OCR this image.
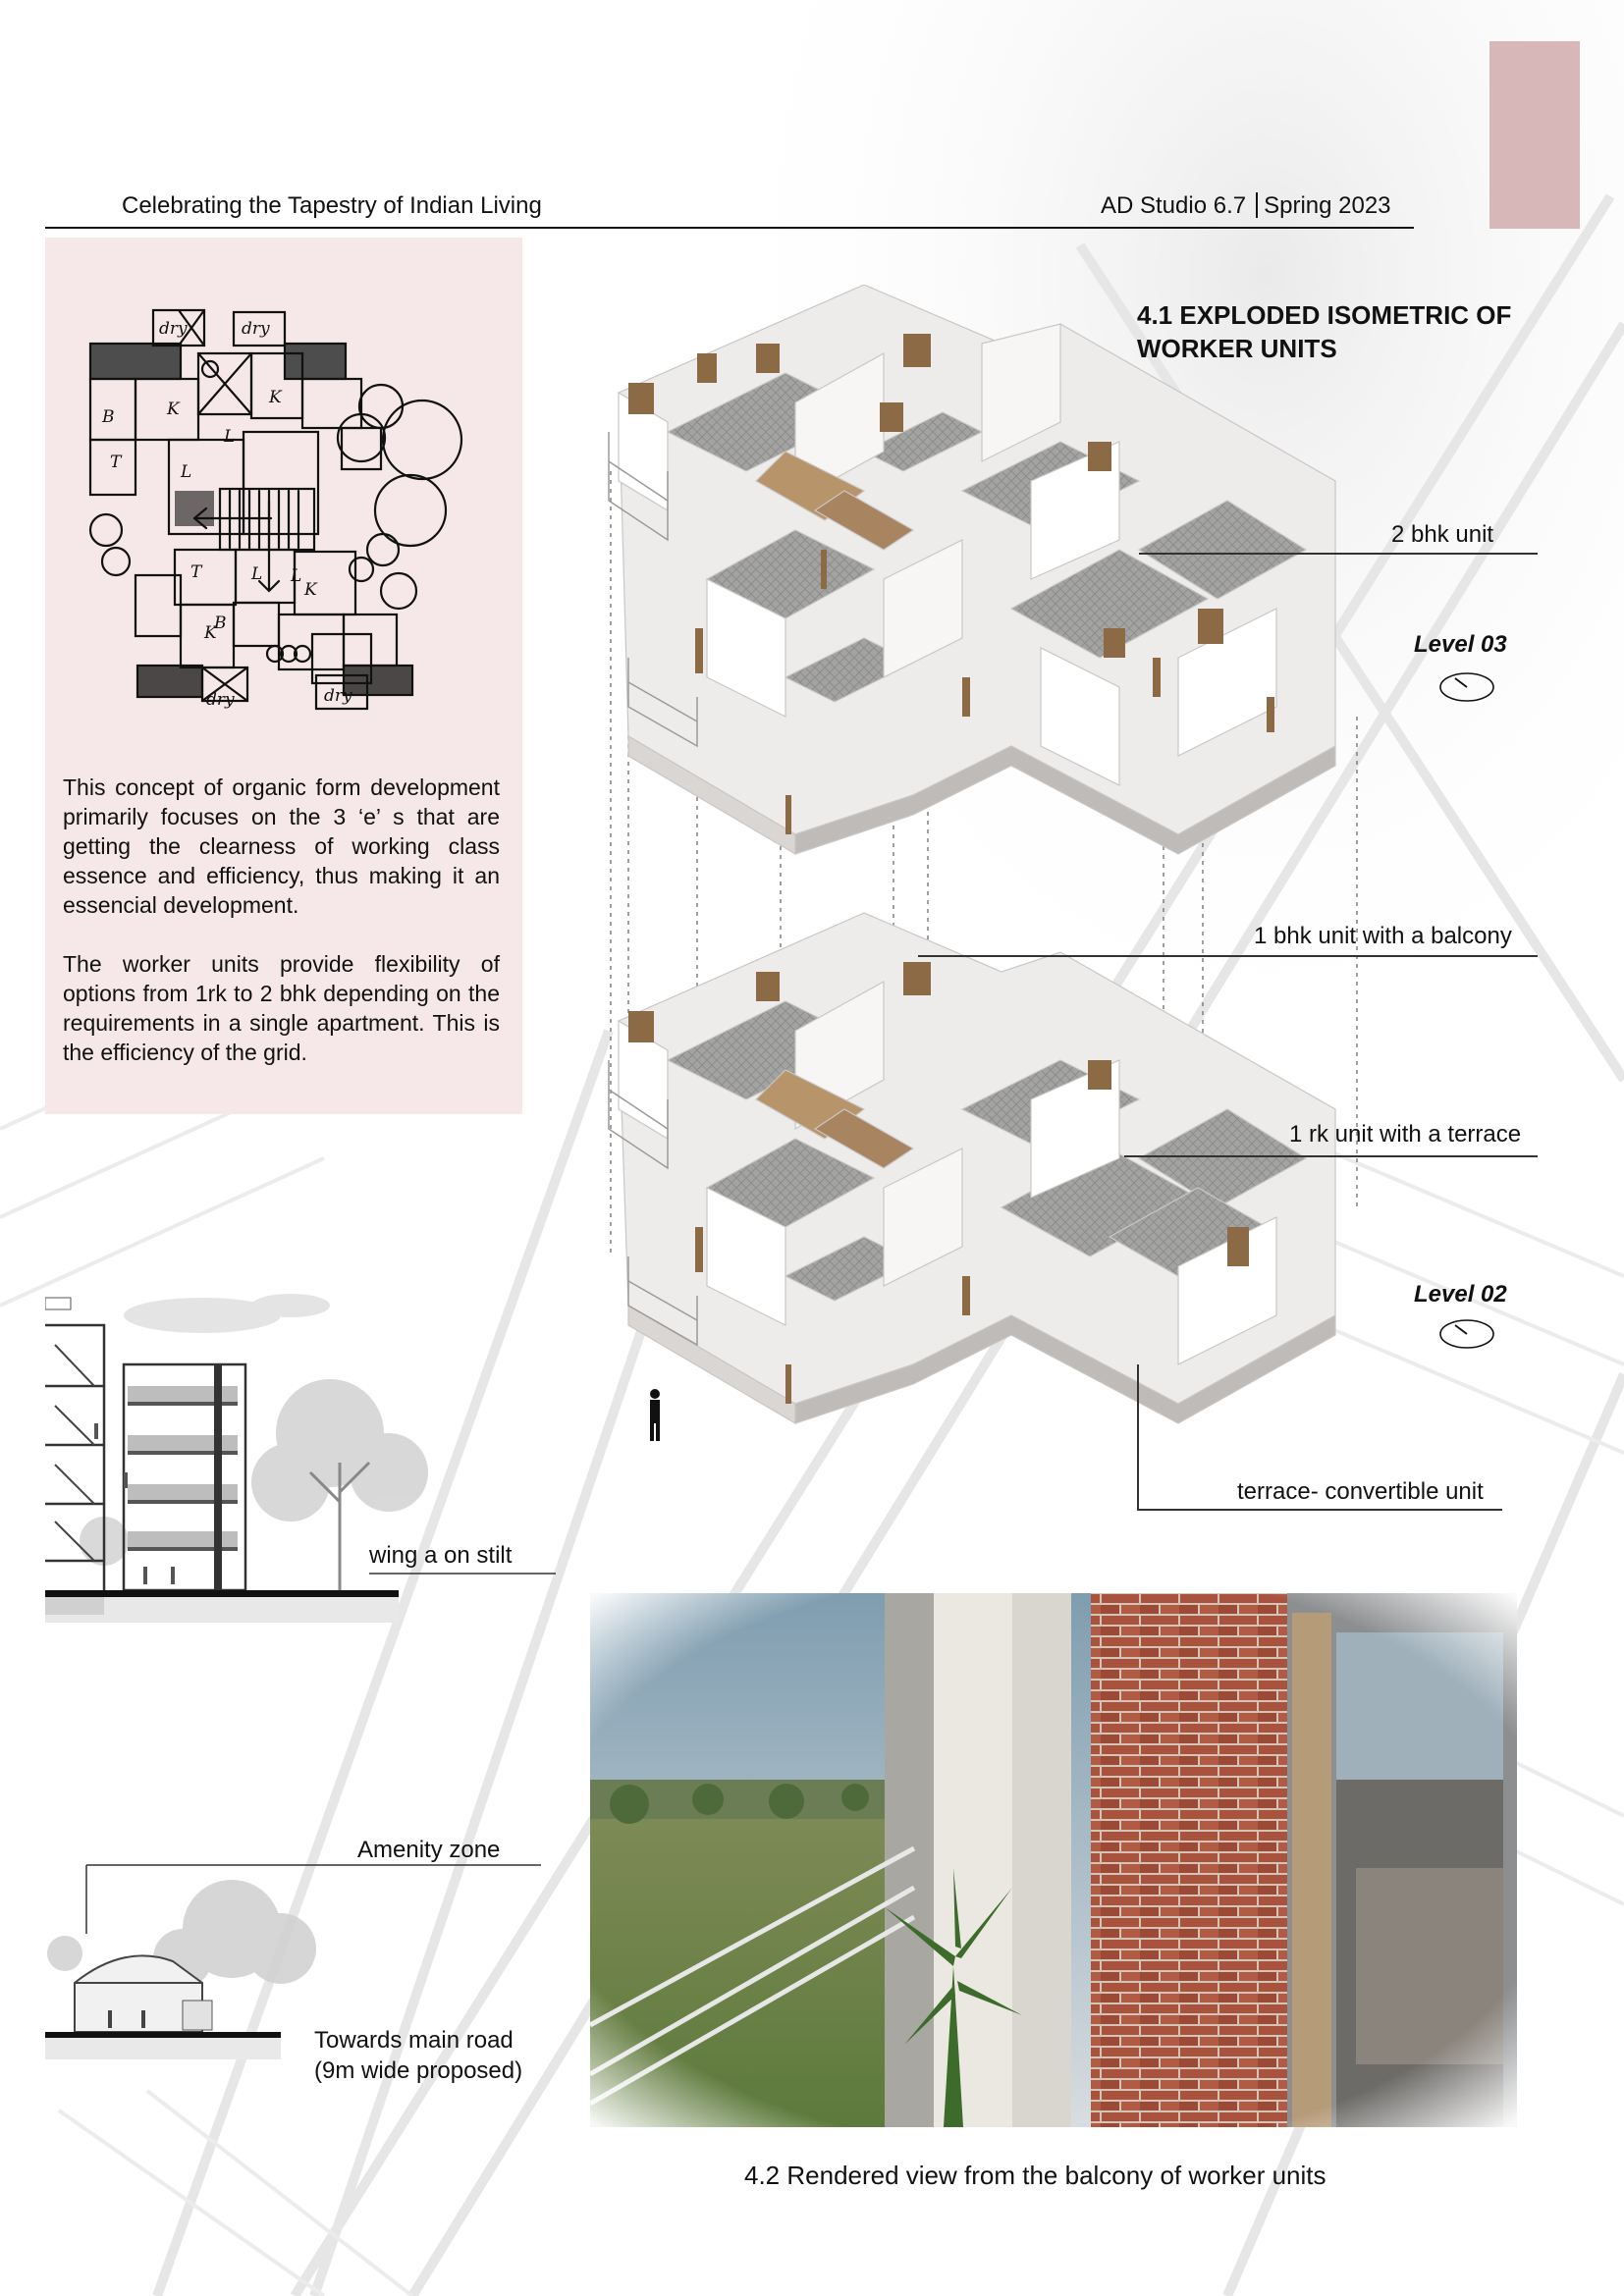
Celebrating the Tapestry of Indian Living	AD Studio 6.7 Spring 2023
dry	dry
dry	dry
K
K
K
K
L
L
L L
B
B
T
T

This concept of organic form development primarily focuses on the 3 ‘e’ s that are getting the clearness of working class essence and efficiency, thus making it an essencial development.

The worker units provide flexibility of options from 1rk to 2 bhk depending on the requirements in a single apartment. This is the efficiency of the grid.

4.1 EXPLODED ISOMETRIC OF
WORKER UNITS
2 bhk unit
Level 03
1 bhk unit with a balcony
1 rk unit with a terrace
Level 02
terrace- convertible unit
wing a on stilt
Amenity zone
Towards main road
(9m wide proposed)
4.2 Rendered view from the balcony of worker units
